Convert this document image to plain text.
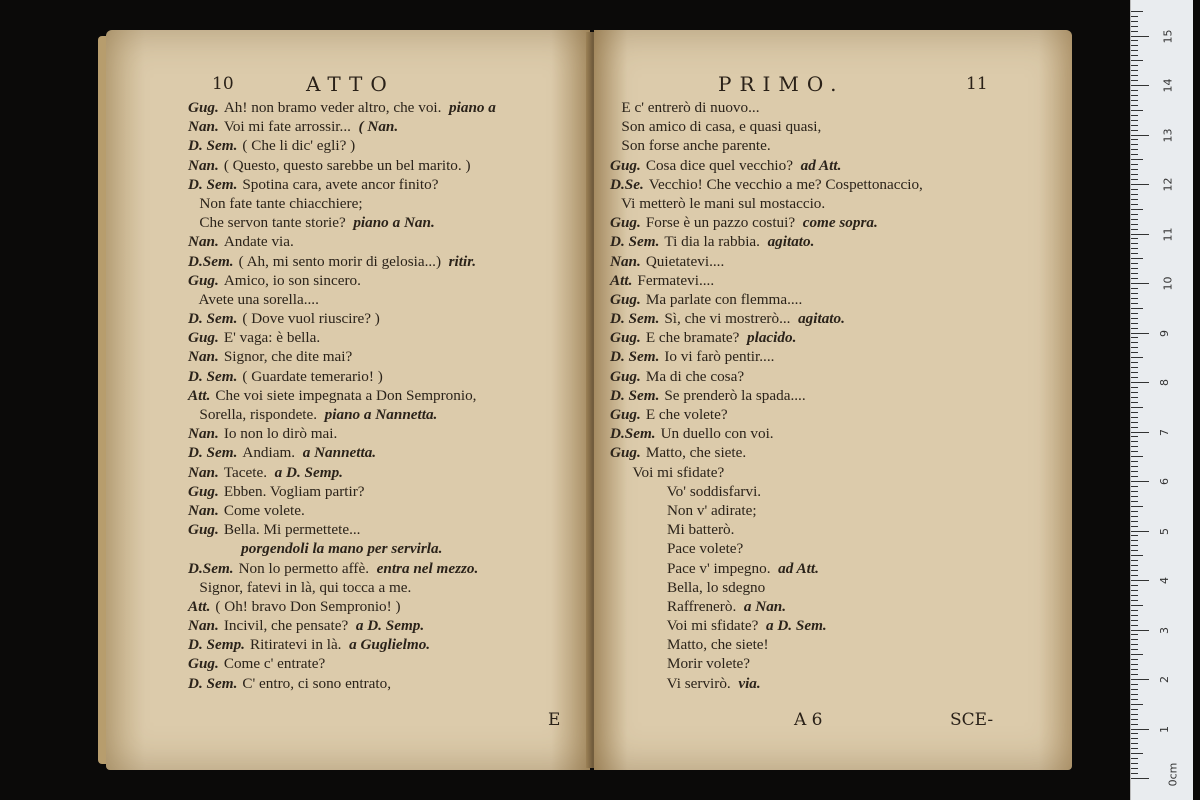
10	ATTO
Gug. Ah! non bramo veder altro, che voi.  piano a
Nan. Voi mi fate arrossir...  ( Nan.
D. Sem. ( Che li dic' egli? )
Nan. ( Questo, questo sarebbe un bel marito. )
D. Sem. Spotina cara, avete ancor finito?
Non fate tante chiacchiere;
Che servon tante storie?  piano a Nan.
Nan. Andate via.
D.Sem. ( Ah, mi sento morir di gelosia...)  ritir.
Gug. Amico, io son sincero.
Avete una sorella....
D. Sem. ( Dove vuol riuscire? )
Gug. E' vaga: è bella.
Nan. Signor, che dite mai?
D. Sem. ( Guardate temerario! )
Att. Che voi siete impegnata a Don Sempronio,
Sorella, rispondete.  piano a Nannetta.
Nan. Io non lo dirò mai.
D. Sem. Andiam.  a Nannetta.
Nan. Tacete.  a D. Semp.
Gug. Ebben. Vogliam partir?
Nan. Come volete.
Gug. Bella. Mi permettete...
porgendoli la mano per servirla.
D.Sem. Non lo permetto affè.  entra nel mezzo.
Signor, fatevi in là, qui tocca a me.
Att. ( Oh! bravo Don Sempronio! )
Nan. Incivil, che pensate?  a D. Semp.
D. Semp. Ritiratevi in là.  a Guglielmo.
Gug. Come c' entrate?
D. Sem. C' entro, ci sono entrato,
E
PRIMO.	11
E c' entrerò di nuovo...
Son amico di casa, e quasi quasi,
Son forse anche parente.
Gug. Cosa dice quel vecchio?  ad Att.
D.Se. Vecchio! Che vecchio a me? Cospettonaccio,
Vi metterò le mani sul mostaccio.
Gug. Forse è un pazzo costui?  come sopra.
D. Sem. Ti dia la rabbia.  agitato.
Nan. Quietatevi....
Att. Fermatevi....
Gug. Ma parlate con flemma....
D. Sem. Sì, che vi mostrerò...  agitato.
Gug. E che bramate?  placido.
D. Sem. Io vi farò pentir....
Gug. Ma di che cosa?
D. Sem. Se prenderò la spada....
Gug. E che volete?
D.Sem. Un duello con voi.
Gug. Matto, che siete.
Voi mi sfidate?
Vo' soddisfarvi.
Non v' adirate;
Mi batterò.
Pace volete?
Pace v' impegno.  ad Att.
Bella, lo sdegno
Raffrenerò.  a Nan.
Voi mi sfidate?  a D. Sem.
Matto, che siete!
Morir volete?
Vi servirò.  via.
A 6	SCE-
0cm
1
2
3
4
5
6
7
8
9
10
11
12
13
14
15
